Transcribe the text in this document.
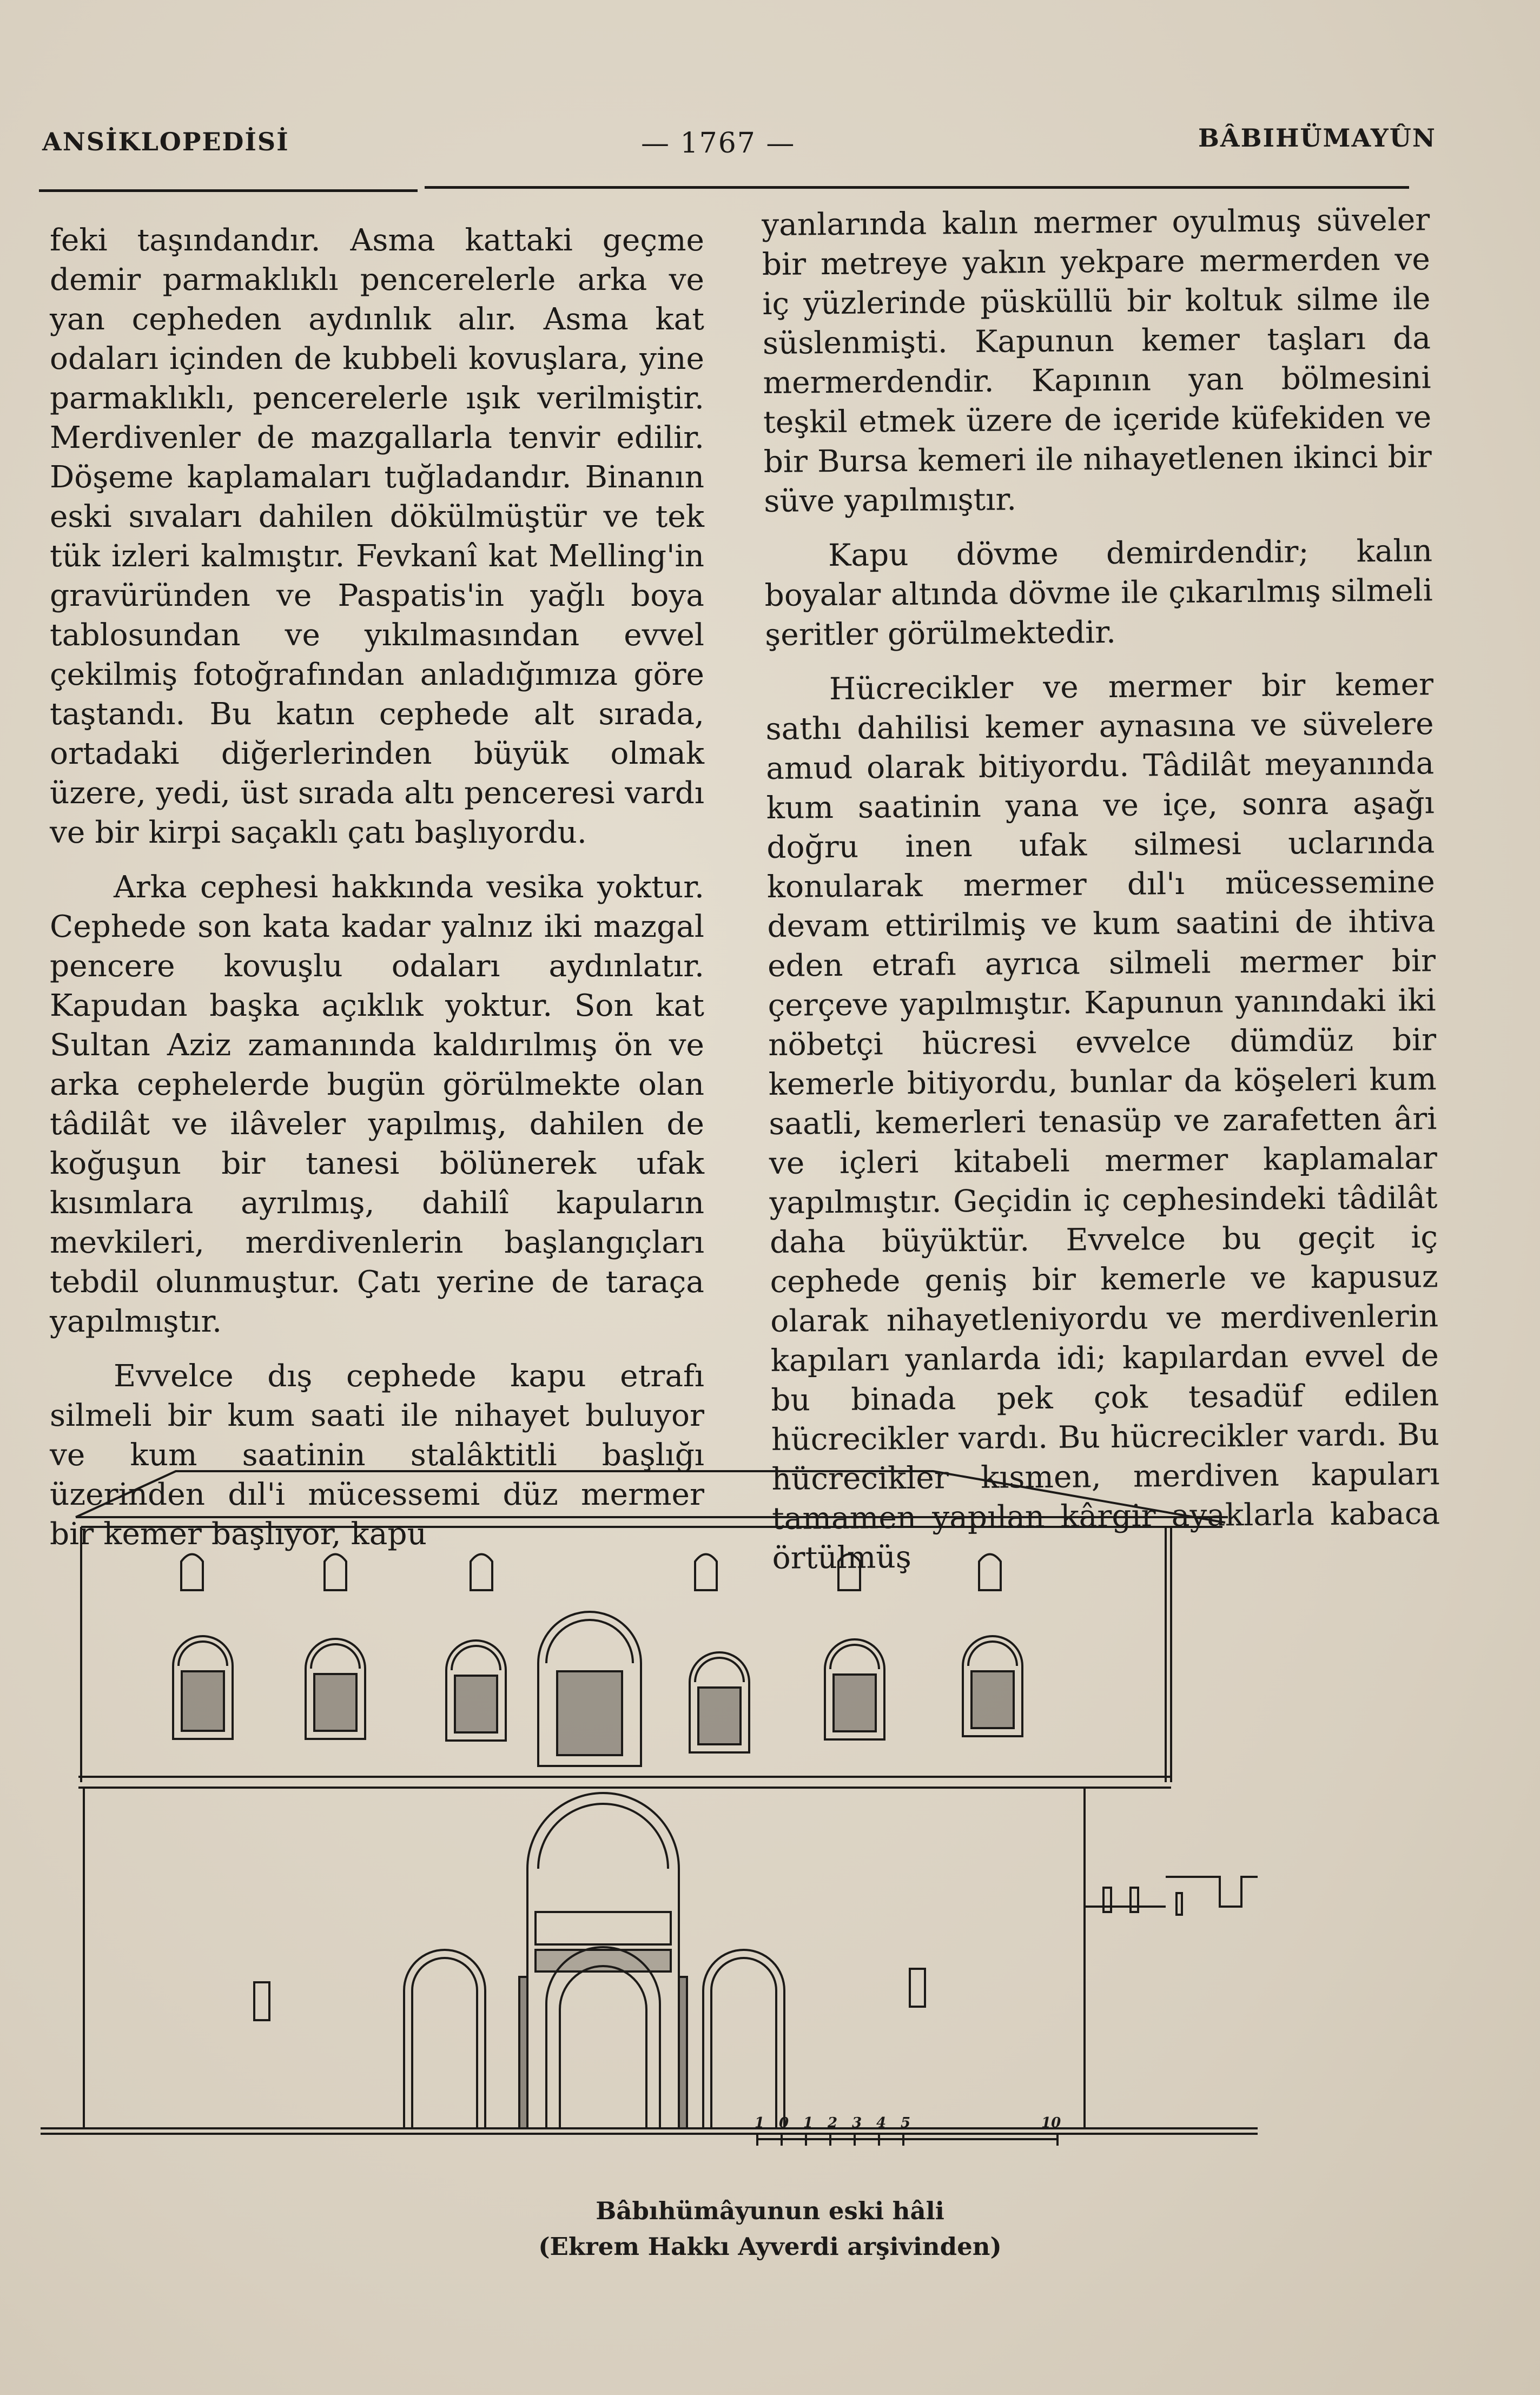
ANSİKLOPEDİSİ	— 1767 —	BÂBIHÜMAYÛN

feki taşındandır. Asma kattaki geçme demir parmaklıklı pencerelerle arka ve yan cepheden aydınlık alır. Asma kat odaları içinden de kubbeli kovuşlara, yine parmaklıklı, pencerelerle ışık verilmiştir. Merdivenler de mazgallarla tenvir edilir. Döşeme kaplamaları tuğladandır. Binanın eski sıvaları dahilen dökülmüştür ve tek tük izleri kalmıştır. Fevkanî kat Melling'in gravüründen ve Paspatis'in yağlı boya tablosundan ve yıkılmasından evvel çekilmiş fotoğrafından anladığımıza göre taştandı. Bu katın cephede alt sırada, ortadaki diğerlerinden büyük olmak üzere, yedi, üst sırada altı penceresi vardı ve bir kirpi saçaklı çatı başlıyordu.

Arka cephesi hakkında vesika yoktur. Cephede son kata kadar yalnız iki mazgal pencere kovuşlu odaları aydınlatır. Kapudan başka açıklık yoktur. Son kat Sultan Aziz zamanında kaldırılmış ön ve arka cephelerde bugün görülmekte olan tâdilât ve ilâveler yapılmış, dahilen de koğuşun bir tanesi bölünerek ufak kısımlara ayrılmış, dahilî kapuların mevkileri, merdivenlerin başlangıçları tebdil olunmuştur. Çatı yerine de taraça yapılmıştır.

Evvelce dış cephede kapu etrafı silmeli bir kum saati ile nihayet buluyor ve kum saatinin stalâktitli başlığı üzerinden dıl'i mücessemi düz mermer bir kemer başlıyor, kapu

yanlarında kalın mermer oyulmuş süveler bir metreye yakın yekpare mermerden ve iç yüzlerinde püsküllü bir koltuk silme ile süslenmişti. Kapunun kemer taşları da mermerdendir. Kapının yan bölmesini teşkil etmek üzere de içeride küfekiden ve bir Bursa kemeri ile nihayetlenen ikinci bir süve yapılmıştır.

Kapu dövme demirdendir; kalın boyalar altında dövme ile çıkarılmış silmeli şeritler görülmektedir.

Hücrecikler ve mermer bir kemer sathı dahilisi kemer aynasına ve süvelere amud olarak bitiyordu. Tâdilât meyanında kum saatinin yana ve içe, sonra aşağı doğru inen ufak silmesi uclarında konularak mermer dıl'ı mücessemine devam ettirilmiş ve kum saatini de ihtiva eden etrafı ayrıca silmeli mermer bir çerçeve yapılmıştır. Kapunun yanındaki iki nöbetçi hücresi evvelce dümdüz bir kemerle bitiyordu, bunlar da köşeleri kum saatli, kemerleri tenasüp ve zarafetten âri ve içleri kitabeli mermer kaplamalar yapılmıştır. Geçidin iç cephesindeki tâdilât daha büyüktür. Evvelce bu geçit iç cephede geniş bir kemerle ve kapusuz olarak nihayetleniyordu ve merdivenlerin kapıları yanlarda idi; kapılardan evvel de bu binada pek çok tesadüf edilen hücrecikler vardı. Bu hücrecikler vardı. Bu hücrecikler kısmen, merdiven kapuları tamamen yapılan kârgir ayaklarla kabaca örtülmüş

1 0 1 2 3 4 5	10
Bâbıhümâyunun eski hâli
(Ekrem Hakkı Ayverdi arşivinden)
